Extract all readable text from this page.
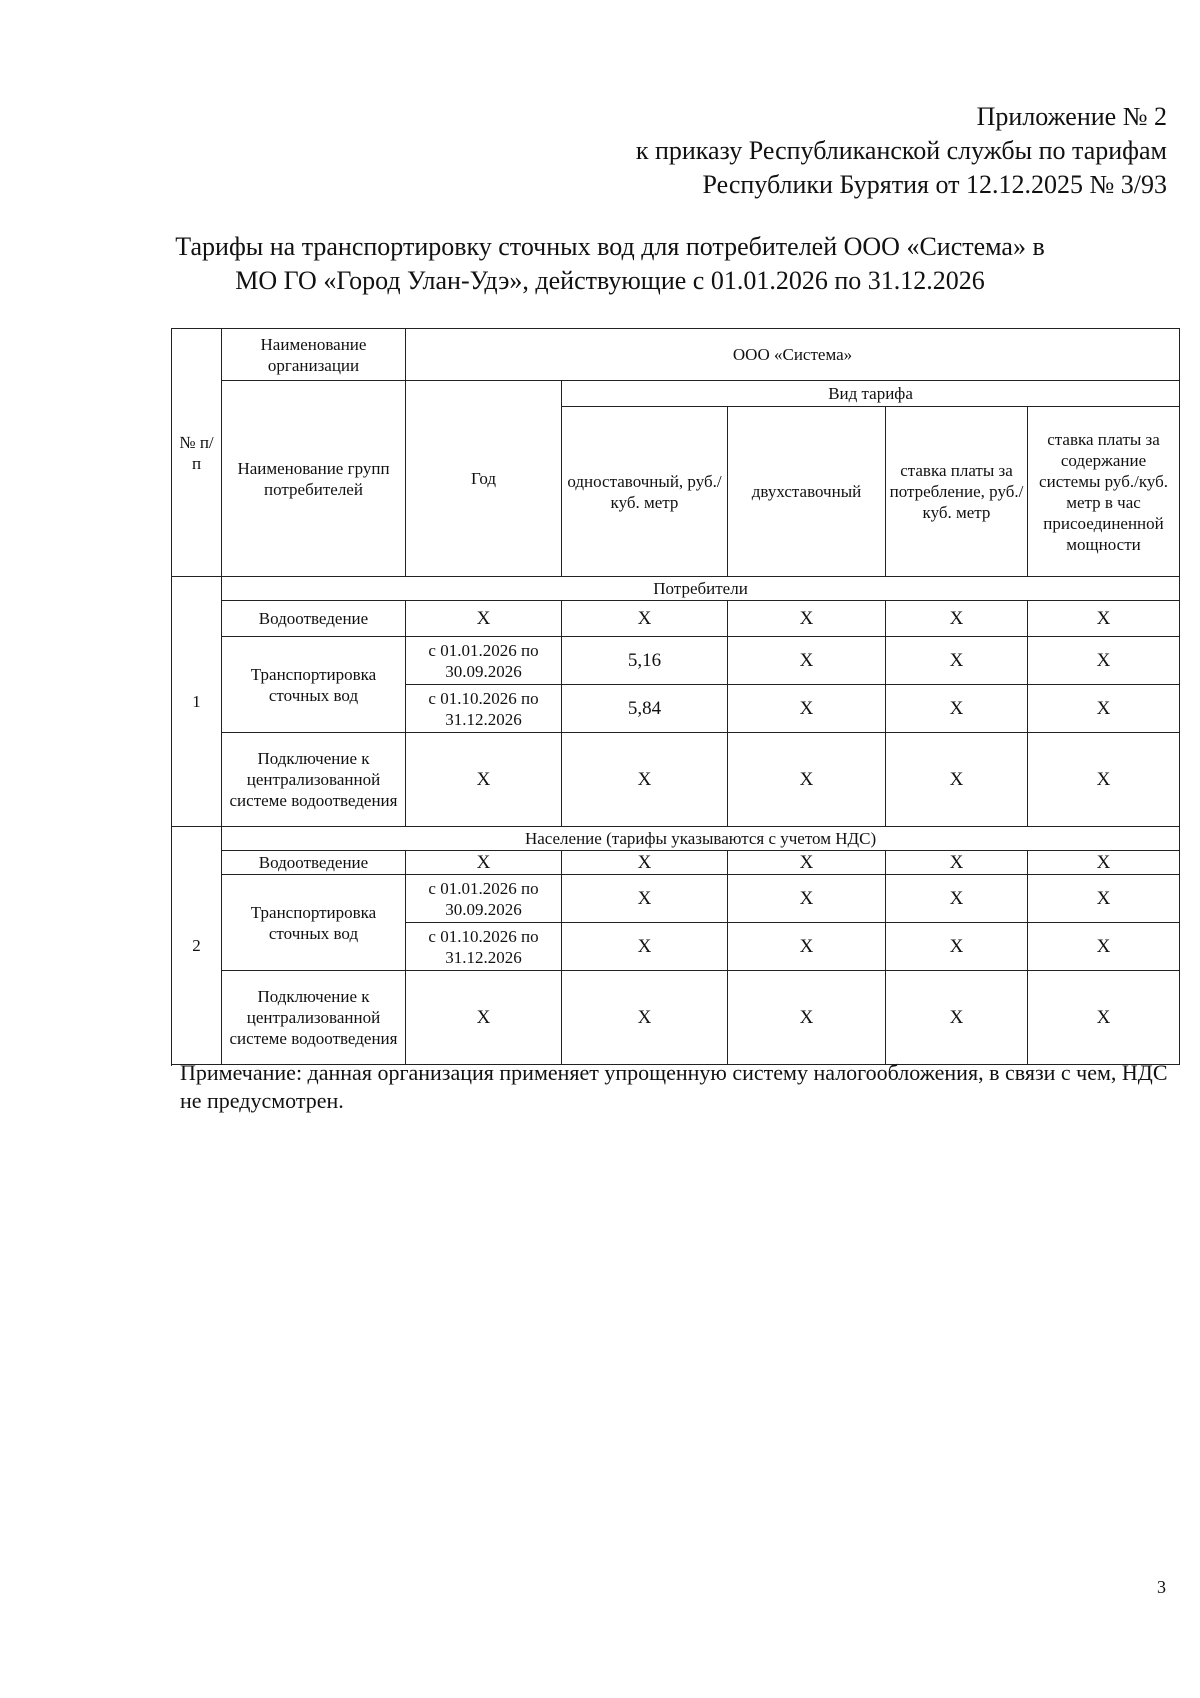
Приложение № 2
к приказу Республиканской службы по тарифам
Республики Бурятия от 12.12.2025 № 3/93
Тарифы на транспортировку сточных вод для потребителей ООО «Система» в
МО ГО «Город Улан-Удэ», действующие с 01.01.2026 по 31.12.2026
№ п/п	Наименование организации	ООО «Система»				
	Наименование групп потребителей	Год	Вид тарифа			
			одноставочный, руб./ куб. метр	двухставочный	ставка платы за потребление, руб./ куб. метр	ставка платы за содержание системы руб./куб. метр в час присоединенной мощности

1	Потребители					
	Водоотведение	X	X	X	X	X
	Транспортировка сточных вод	с 01.01.2026 по 30.09.2026	5,16	X	X	X
		с 01.10.2026 по 31.12.2026	5,84	X	X	X
	Подключение к централизованной системе водоотведения	X	X	X	X	X

2	Население (тарифы указываются с учетом НДС)					
	Водоотведение	X	X	X	X	X
	Транспортировка сточных вод	с 01.01.2026 по 30.09.2026	X	X	X	X
		с 01.10.2026 по 31.12.2026	X	X	X	X
	Подключение к централизованной системе водоотведения	X	X	X	X	X

Примечание: данная организация применяет упрощенную систему налогообложения, в связи с чем, НДС не предусмотрен.
3
